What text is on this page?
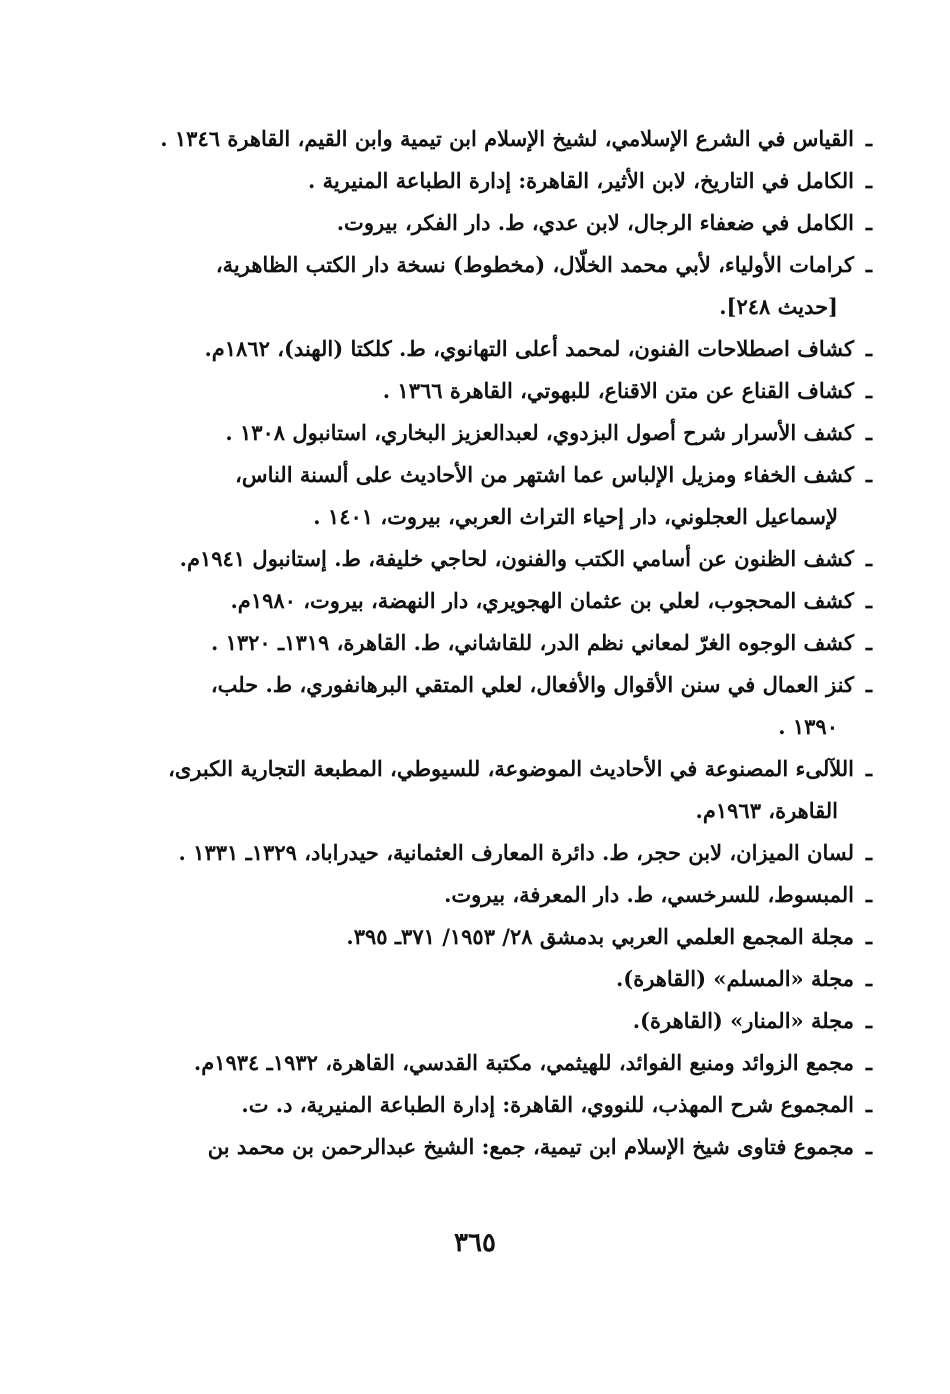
ـ
القياس في الشرع الإسلامي، لشيخ الإسلام ابن تيمية وابن القيم، القاهرة ١٣٤٦ .
ـ
الكامل في التاريخ، لابن الأثير، القاهرة: إدارة الطباعة المنيرية .
ـ
الكامل في ضعفاء الرجال، لابن عدي، ط. دار الفكر، بيروت.
ـ
كرامات الأولياء، لأبي محمد الخلّال، (مخطوط) نسخة دار الكتب الظاهرية،
[حديث ٢٤٨].
ـ
كشاف اصطلاحات الفنون، لمحمد أعلى التهانوي، ط. كلكتا (الهند)، ١٨٦٢م.
ـ
كشاف القناع عن متن الاقناع، للبهوتي، القاهرة ١٣٦٦ .
ـ
كشف الأسرار شرح أصول البزدوي، لعبدالعزيز البخاري، استانبول ١٣٠٨ .
ـ
كشف الخفاء ومزيل الإلباس عما اشتهر من الأحاديث على ألسنة الناس،
لإسماعيل العجلوني، دار إحياء التراث العربي، بيروت، ١٤٠١ .
ـ
كشف الظنون عن أسامي الكتب والفنون، لحاجي خليفة، ط. إستانبول ١٩٤١م.
ـ
كشف المحجوب، لعلي بن عثمان الهجويري، دار النهضة، بيروت، ١٩٨٠م.
ـ
كشف الوجوه الغرّ لمعاني نظم الدر، للقاشاني، ط. القاهرة، ١٣١٩ـ ١٣٢٠ .
ـ
كنز العمال في سنن الأقوال والأفعال، لعلي المتقي البرهانفوري، ط. حلب،
١٣٩٠ .
ـ
اللآلىء المصنوعة في الأحاديث الموضوعة، للسيوطي، المطبعة التجارية الكبرى،
القاهرة، ١٩٦٣م.
ـ
لسان الميزان، لابن حجر، ط. دائرة المعارف العثمانية، حيدراباد، ١٣٢٩ـ ١٣٣١ .
ـ
المبسوط، للسرخسي، ط. دار المعرفة، بيروت.
ـ
مجلة المجمع العلمي العربي بدمشق ٢٨/ ١٩٥٣/ ٣٧١ـ ٣٩٥.
ـ
مجلة «المسلم» (القاهرة).
ـ
مجلة «المنار» (القاهرة).
ـ
مجمع الزوائد ومنبع الفوائد، للهيثمي، مكتبة القدسي، القاهرة، ١٩٣٢ـ ١٩٣٤م.
ـ
المجموع شرح المهذب، للنووي، القاهرة: إدارة الطباعة المنيرية، د. ت.
ـ
مجموع فتاوى شيخ الإسلام ابن تيمية، جمع: الشيخ عبدالرحمن بن محمد بن
٣٦٥
